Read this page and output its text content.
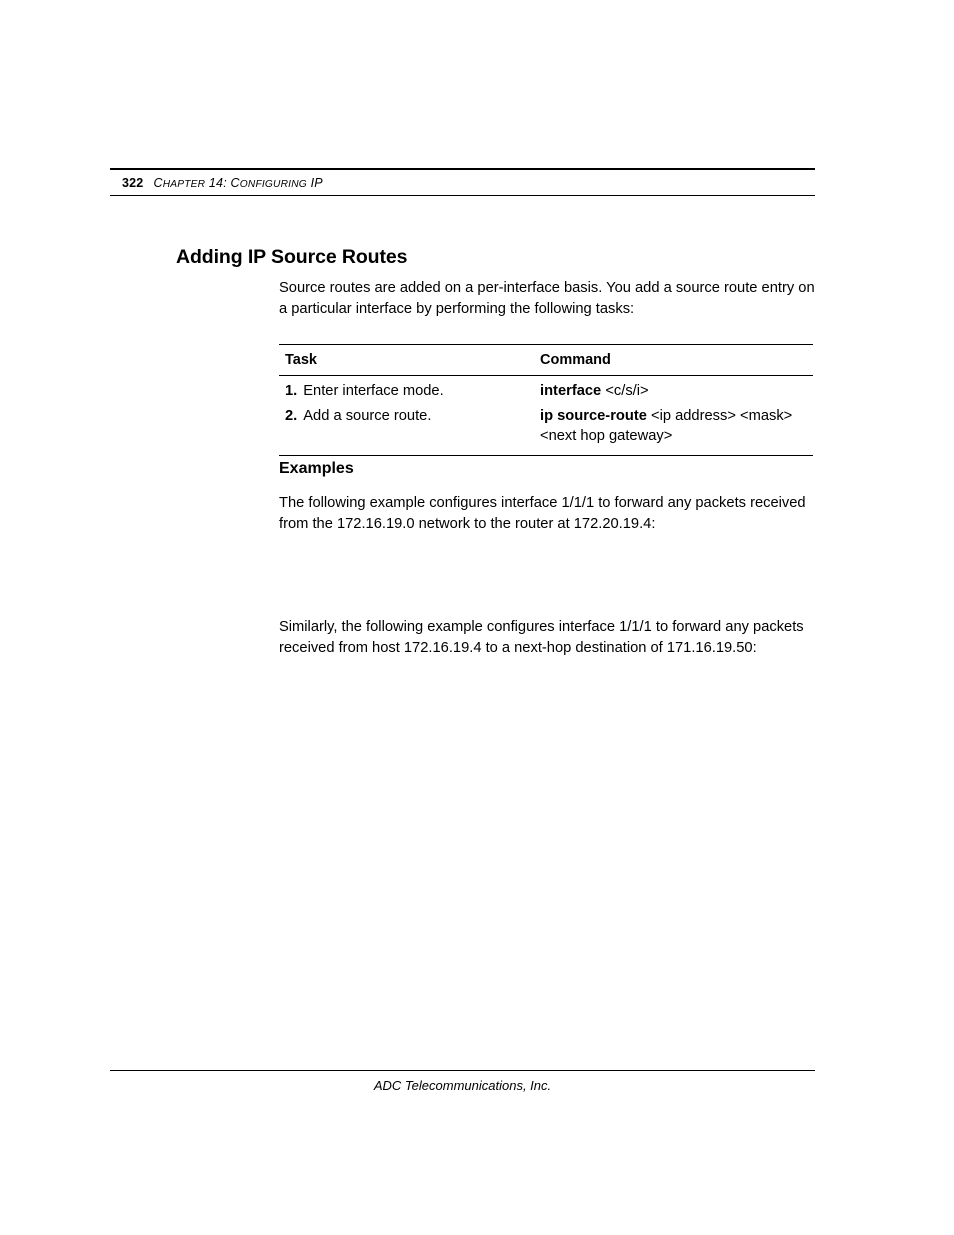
322 CHAPTER 14: CONFIGURING IP
Adding IP Source Routes

Source routes are added on a per-interface basis. You add a source route entry on a particular interface by performing the following tasks:

Task	Command
1. Enter interface mode.	interface <c/s/i>
2. Add a source route.	ip source-route <ip address> <mask> <next hop gateway>
Examples

The following example configures interface 1/1/1 to forward any packets received from the 172.16.19.0 network to the router at 172.20.19.4:

Similarly, the following example configures interface 1/1/1 to forward any packets received from host 172.16.19.4 to a next-hop destination of 171.16.19.50:

ADC Telecommunications, Inc.
